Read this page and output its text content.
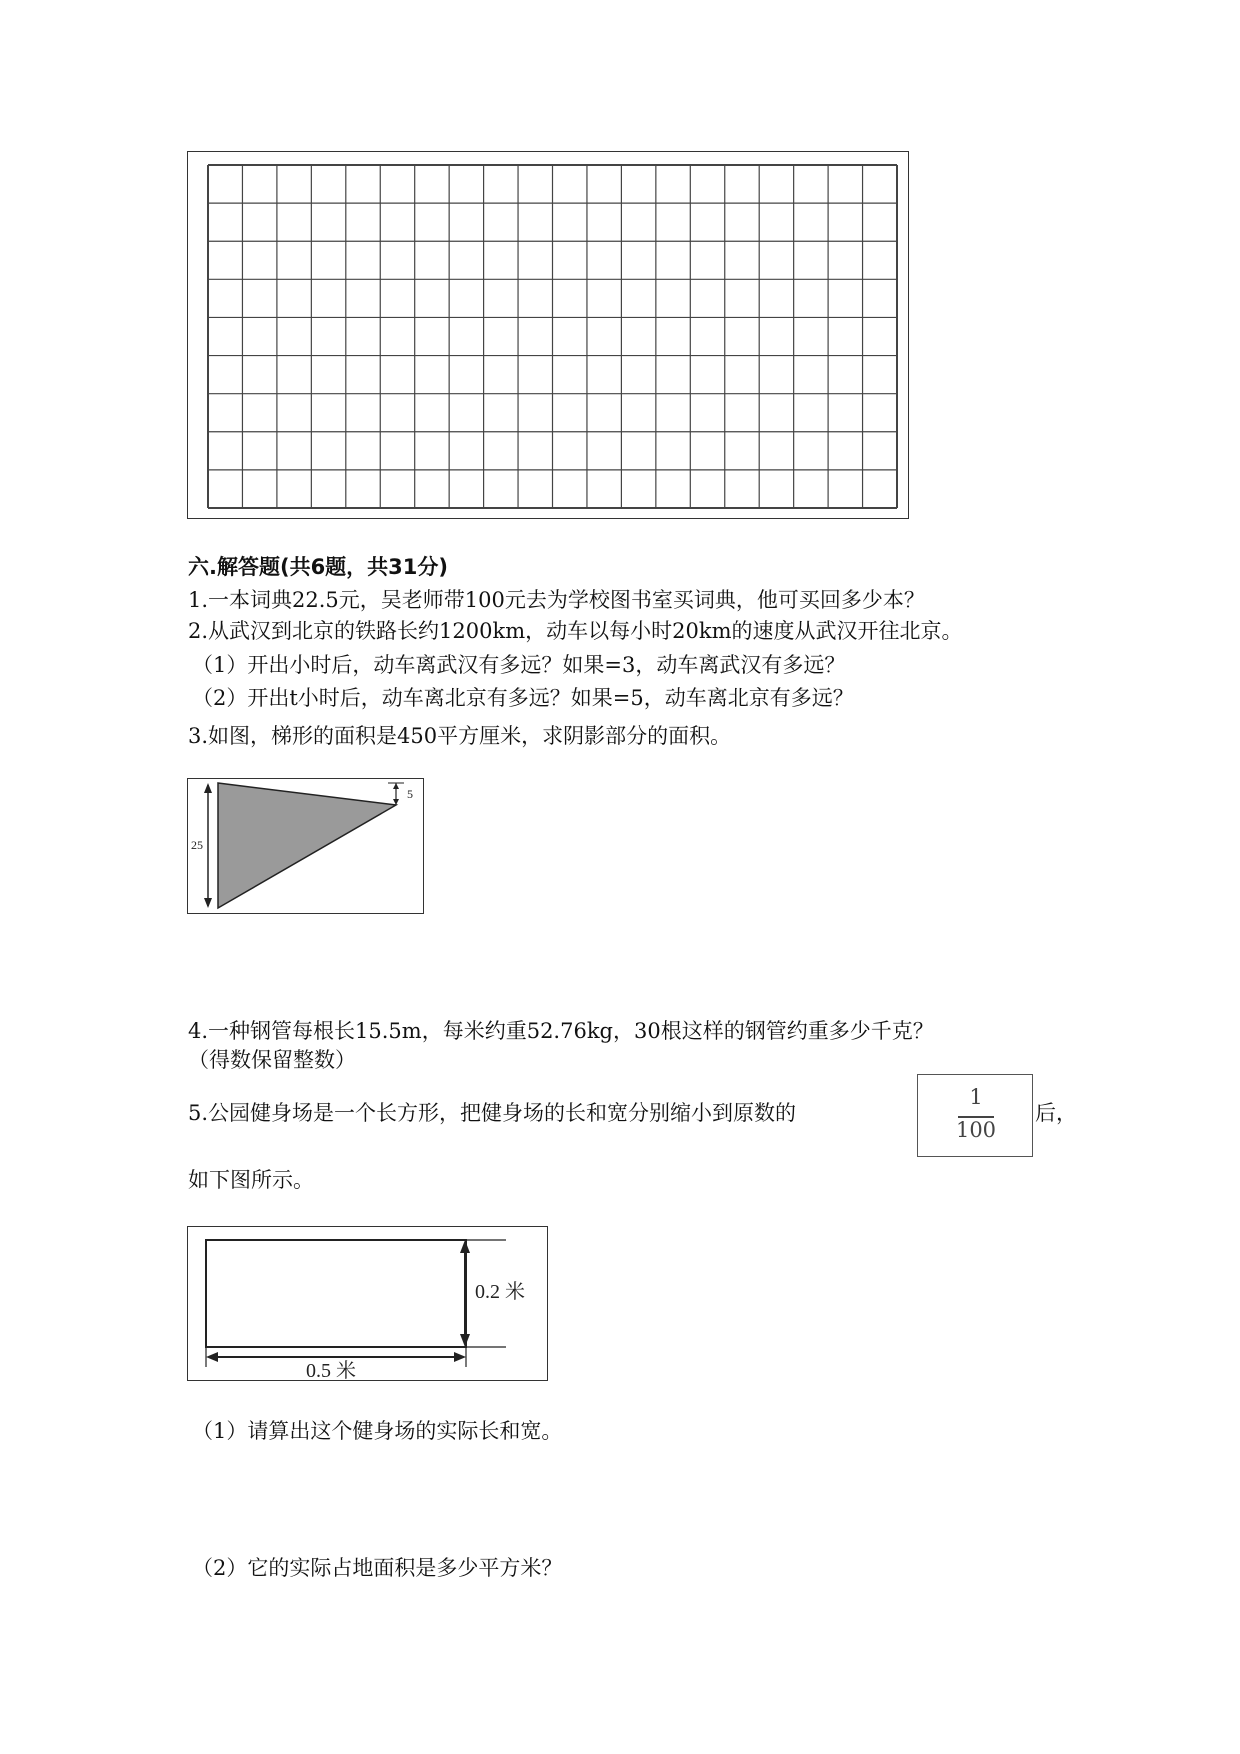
六.解答题(共6题，共31分)
1.一本词典22.5元，吴老师带100元去为学校图书室买词典，他可买回多少本？
2.从武汉到北京的铁路长约1200km，动车以每小时20km的速度从武汉开往北京。
（1）开出小时后，动车离武汉有多远？如果=3，动车离武汉有多远？
（2）开出t小时后，动车离北京有多远？如果=5，动车离北京有多远？
3.如图，梯形的面积是450平方厘米，求阴影部分的面积。
25
5
4.一种钢管每根长15.5m，每米约重52.76kg，30根这样的钢管约重多少千克？
（得数保留整数）
5.公园健身场是一个长方形，把健身场的长和宽分别缩小到原数的
1
100
后，
如下图所示。
0.5 米
0.2 米
（1）请算出这个健身场的实际长和宽。
（2）它的实际占地面积是多少平方米？
